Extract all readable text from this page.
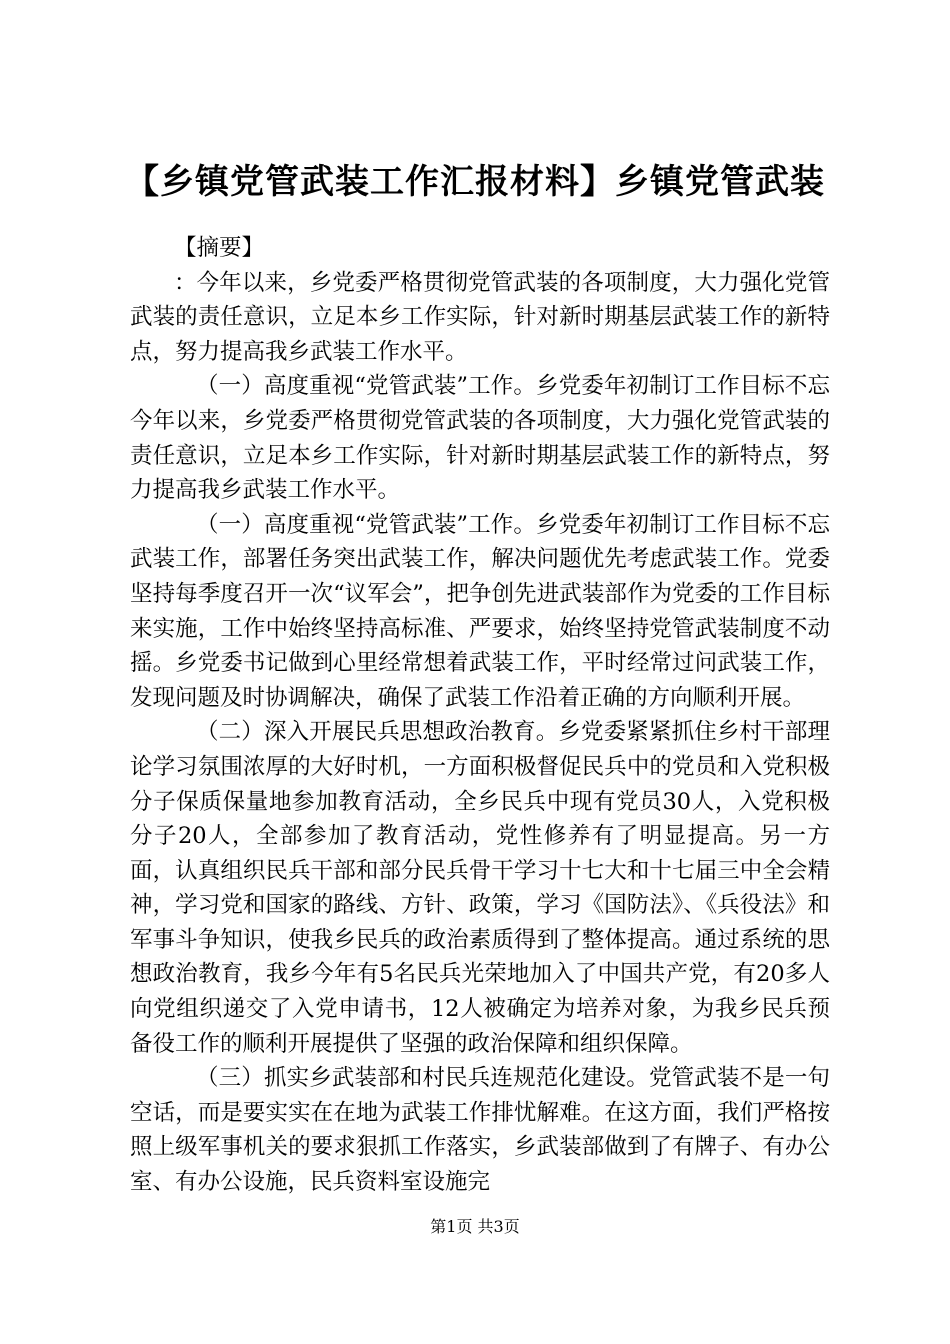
【乡镇党管武装工作汇报材料】乡镇党管武装

【摘要】

：今年以来，乡党委严格贯彻党管武装的各项制度，大力强化党管武装的责任意识，立足本乡工作实际，针对新时期基层武装工作的新特点，努力提高我乡武装工作水平。

（一）高度重视“党管武装”工作。乡党委年初制订工作目标不忘今年以来，乡党委严格贯彻党管武装的各项制度，大力强化党管武装的责任意识，立足本乡工作实际，针对新时期基层武装工作的新特点，努力提高我乡武装工作水平。

（一）高度重视“党管武装”工作。乡党委年初制订工作目标不忘武装工作，部署任务突出武装工作，解决问题优先考虑武装工作。党委坚持每季度召开一次“议军会”，把争创先进武装部作为党委的工作目标来实施，工作中始终坚持高标准、严要求，始终坚持党管武装制度不动摇。乡党委书记做到心里经常想着武装工作，平时经常过问武装工作，发现问题及时协调解决，确保了武装工作沿着正确的方向顺利开展。

（二）深入开展民兵思想政治教育。乡党委紧紧抓住乡村干部理论学习氛围浓厚的大好时机，一方面积极督促民兵中的党员和入党积极分子保质保量地参加教育活动，全乡民兵中现有党员30人，入党积极分子20人，全部参加了教育活动，党性修养有了明显提高。另一方面，认真组织民兵干部和部分民兵骨干学习十七大和十七届三中全会精神，学习党和国家的路线、方针、政策，学习《国防法》、《兵役法》和军事斗争知识，使我乡民兵的政治素质得到了整体提高。通过系统的思想政治教育，我乡今年有5名民兵光荣地加入了中国共产党，有20多人向党组织递交了入党申请书，12人被确定为培养对象，为我乡民兵预备役工作的顺利开展提供了坚强的政治保障和组织保障。

（三）抓实乡武装部和村民兵连规范化建设。党管武装不是一句空话，而是要实实在在地为武装工作排忧解难。在这方面，我们严格按照上级军事机关的要求狠抓工作落实，乡武装部做到了有牌子、有办公室、有办公设施，民兵资料室设施完

第1页 共3页
